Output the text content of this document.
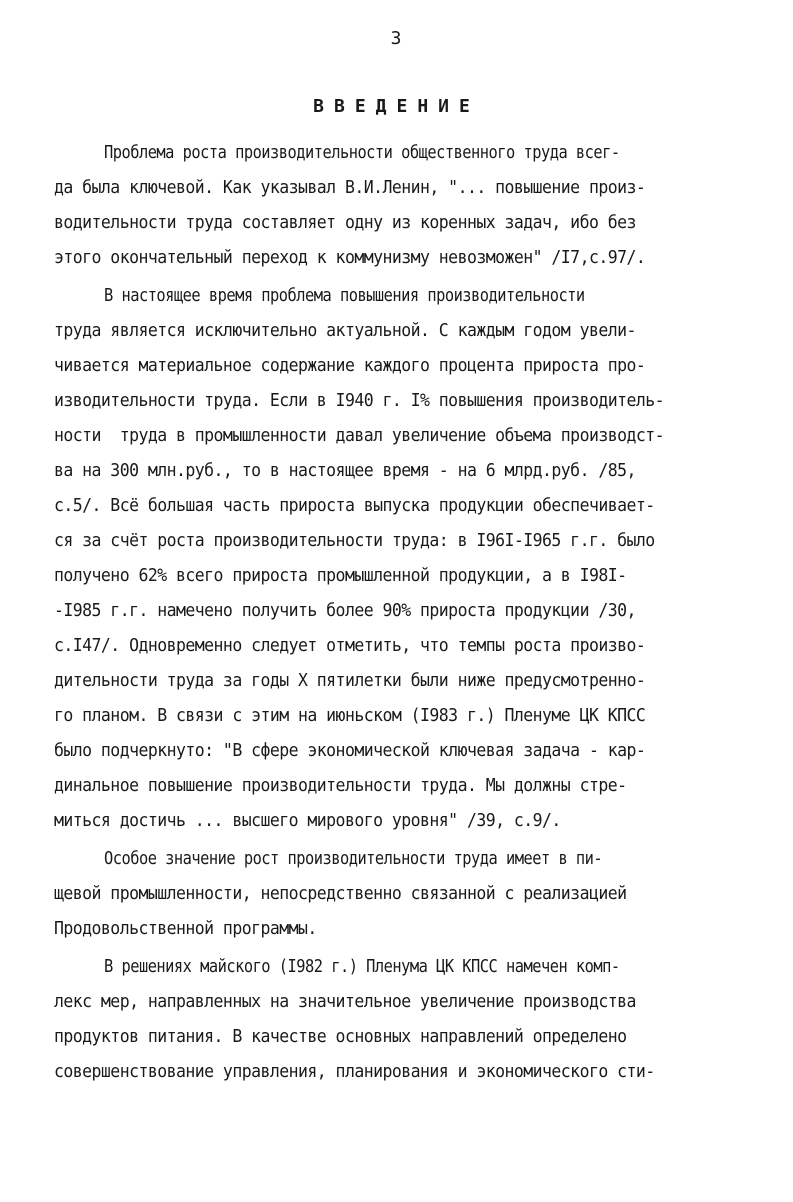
3
ВВЕДЕНИЕ
Проблема роста производительности общественного труда всег-
да была ключевой. Как указывал В.И.Ленин, "... повышение произ-
водительности труда составляет одну из коренных задач, ибо без
этого окончательный переход к коммунизму невозможен" /I7,с.97/.
В настоящее время проблема повышения производительности
труда является исключительно актуальной. С каждым годом увели-
чивается материальное содержание каждого процента прироста про-
изводительности труда. Если в I940 г. I% повышения производитель-
ности  труда в промышленности давал увеличение объема производст-
ва на 300 млн.руб., то в настоящее время - на 6 млрд.руб. /85,
с.5/. Всё большая часть прироста выпуска продукции обеспечивает-
ся за счёт роста производительности труда: в I96I-I965 г.г. было
получено 62% всего прироста промышленной продукции, а в I98I-
-I985 г.г. намечено получить более 90% прироста продукции /30,
с.I47/. Одновременно следует отметить, что темпы роста произво-
дительности труда за годы X пятилетки были ниже предусмотренно-
го планом. В связи с этим на июньском (I983 г.) Пленуме ЦК КПСС
было подчеркнуто: "В сфере экономической ключевая задача - кар-
динальное повышение производительности труда. Мы должны стре-
миться достичь ... высшего мирового уровня" /39, с.9/.
Особое значение рост производительности труда имеет в пи-
щевой промышленности, непосредственно связанной с реализацией
Продовольственной программы.
В решениях майского (I982 г.) Пленума ЦК КПСС намечен комп-
лекс мер, направленных на значительное увеличение производства
продуктов питания. В качестве основных направлений определено
совершенствование управления, планирования и экономического сти-
